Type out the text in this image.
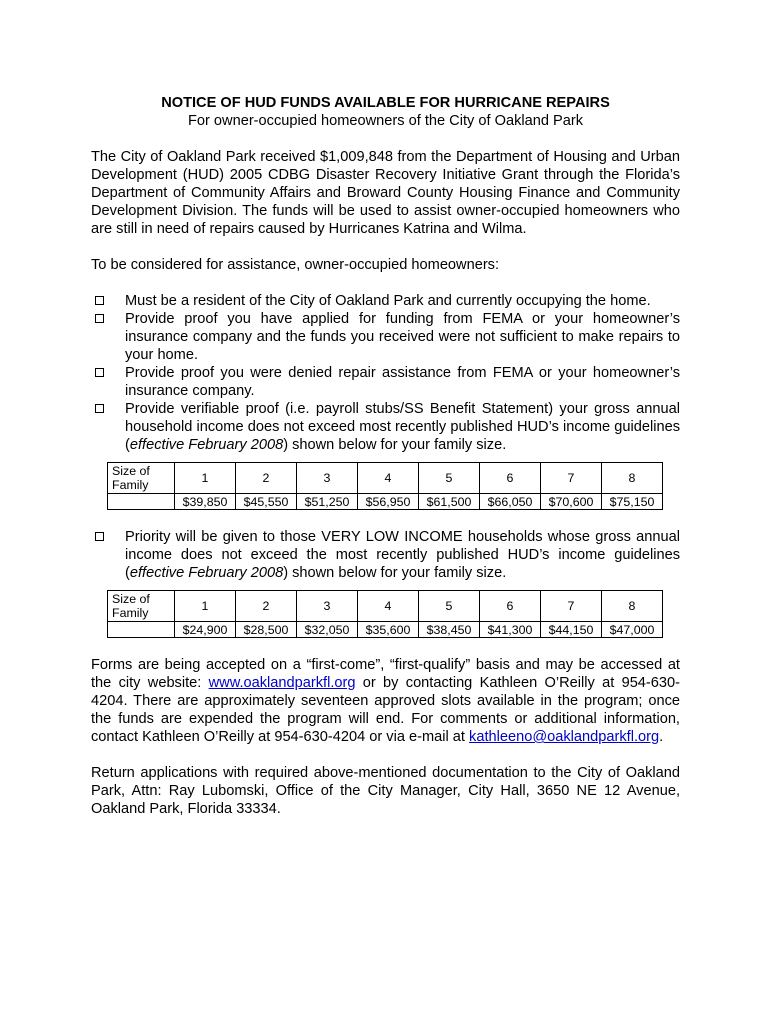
NOTICE OF HUD FUNDS AVAILABLE FOR HURRICANE REPAIRS

For owner-occupied homeowners of the City of Oakland Park

The City of Oakland Park received $1,009,848 from the Department of Housing and Urban Development (HUD) 2005 CDBG Disaster Recovery Initiative Grant through the Florida’s Department of Community Affairs and Broward County Housing Finance and Community Development Division. The funds will be used to assist owner-occupied homeowners who are still in need of repairs caused by Hurricanes Katrina and Wilma.

To be considered for assistance, owner-occupied homeowners:

Must be a resident of the City of Oakland Park and currently occupying the home.
Provide proof you have applied for funding from FEMA or your homeowner’s insurance company and the funds you received were not sufficient to make repairs to your home.
Provide proof you were denied repair assistance from FEMA or your homeowner’s insurance company.
Provide verifiable proof (i.e. payroll stubs/SS Benefit Statement) your gross annual household income does not exceed most recently published HUD’s income guidelines (effective February 2008) shown below for your family size.
Size of Family	1	2	3	4	5	6	7	8
	$39,850	$45,550	$51,250	$56,950	$61,500	$66,050	$70,600	$75,150
Priority will be given to those VERY LOW INCOME households whose gross annual income does not exceed the most recently published HUD’s income guidelines (effective February 2008) shown below for your family size.
Size of Family	1	2	3	4	5	6	7	8
	$24,900	$28,500	$32,050	$35,600	$38,450	$41,300	$44,150	$47,000

Forms are being accepted on a “first-come”, “first-qualify” basis and may be accessed at the city website: www.oaklandparkfl.org or by contacting Kathleen O’Reilly at 954-630-4204. There are approximately seventeen approved slots available in the program; once the funds are expended the program will end. For comments or additional information, contact Kathleen O’Reilly at 954-630-4204 or via e-mail at kathleeno@oaklandparkfl.org.

Return applications with required above-mentioned documentation to the City of Oakland Park, Attn: Ray Lubomski, Office of the City Manager, City Hall, 3650 NE 12 Avenue, Oakland Park, Florida 33334.
